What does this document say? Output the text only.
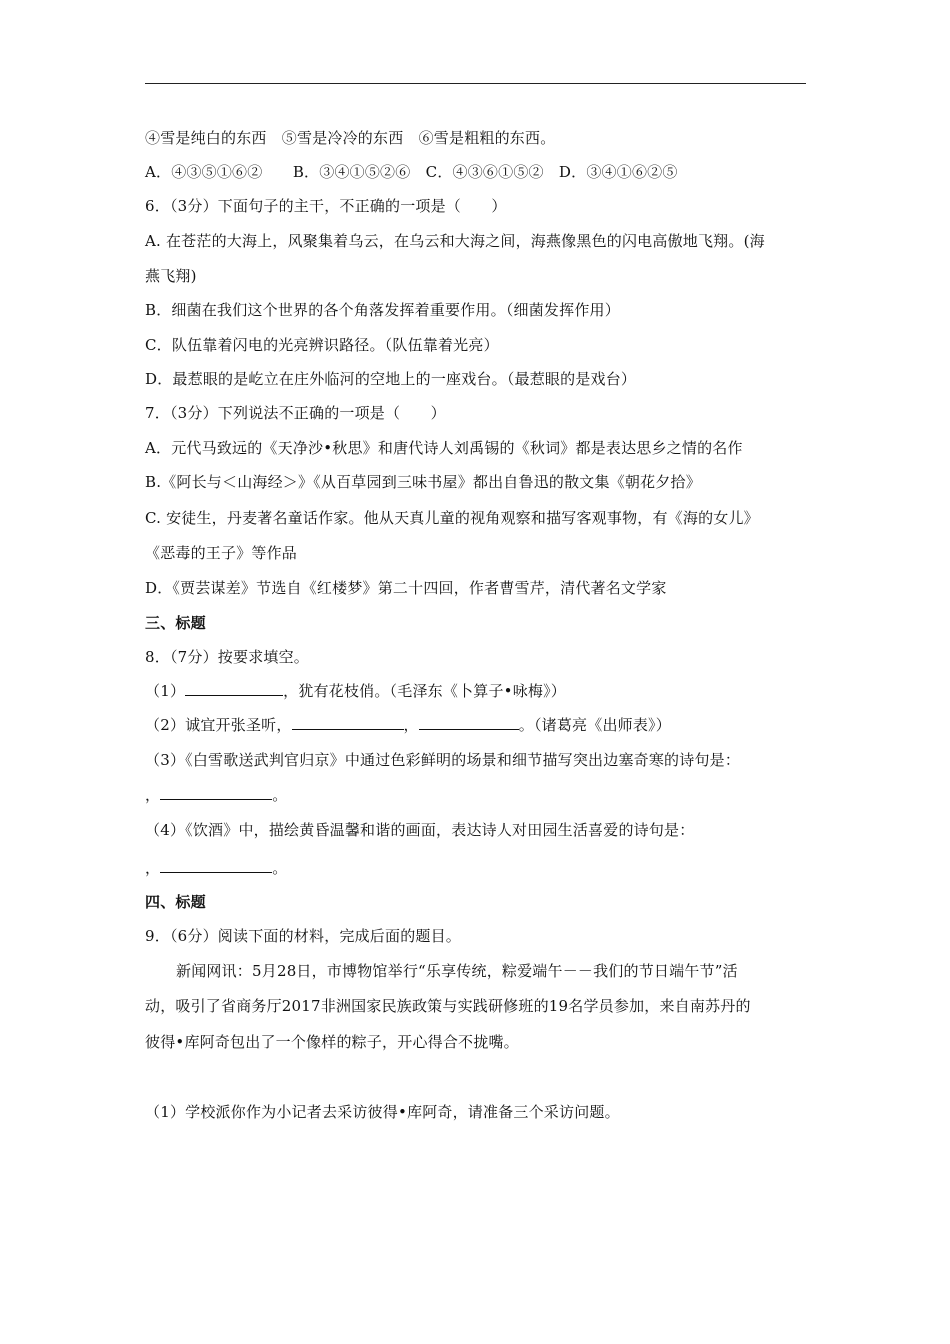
④雪是纯白的东西　⑤雪是冷冷的东西　⑥雪是粗粗的东西。
A．④③⑤①⑥②　　B．③④①⑤②⑥　C．④③⑥①⑤②　D．③④①⑥②⑤
6．（3分）下面句子的主干，不正确的一项是（　　）
A. 在苍茫的大海上，风聚集着乌云，在乌云和大海之间，海燕像黑色的闪电高傲地飞翔。(海
燕飞翔)
B．细菌在我们这个世界的各个角落发挥着重要作用。（细菌发挥作用）
C．队伍靠着闪电的光亮辨识路径。（队伍靠着光亮）
D．最惹眼的是屹立在庄外临河的空地上的一座戏台。（最惹眼的是戏台）
7．（3分）下列说法不正确的一项是（　　）
A．元代马致远的《天净沙•秋思》和唐代诗人刘禹锡的《秋词》都是表达思乡之情的名作
B.《阿长与＜山海经＞》《从百草园到三味书屋》都出自鲁迅的散文集《朝花夕拾》
C. 安徒生，丹麦著名童话作家。他从天真儿童的视角观察和描写客观事物，有《海的女儿》
《恶毒的王子》等作品
D．《贾芸谋差》节选自《红楼梦》第二十四回，作者曹雪芹，清代著名文学家
三、标题
8．（7分）按要求填空。
（1）	，犹有花枝俏。（毛泽东《卜算子•咏梅》）
（2）诚宜开张圣听，	，	。（诸葛亮《出师表》）
（3）《白雪歌送武判官归京》中通过色彩鲜明的场景和细节描写突出边塞奇寒的诗句是：
，	。
（4）《饮酒》中，描绘黄昏温馨和谐的画面，表达诗人对田园生活喜爱的诗句是：
，	。
四、标题
9．（6分）阅读下面的材料，完成后面的题目。
新闻网讯：5月28日，市博物馆举行“乐享传统，粽爱端午－－我们的节日端午节”活
动，吸引了省商务厅2017非洲国家民族政策与实践研修班的19名学员参加，来自南苏丹的
彼得•库阿奇包出了一个像样的粽子，开心得合不拢嘴。
（1）学校派你作为小记者去采访彼得•库阿奇，请准备三个采访问题。
